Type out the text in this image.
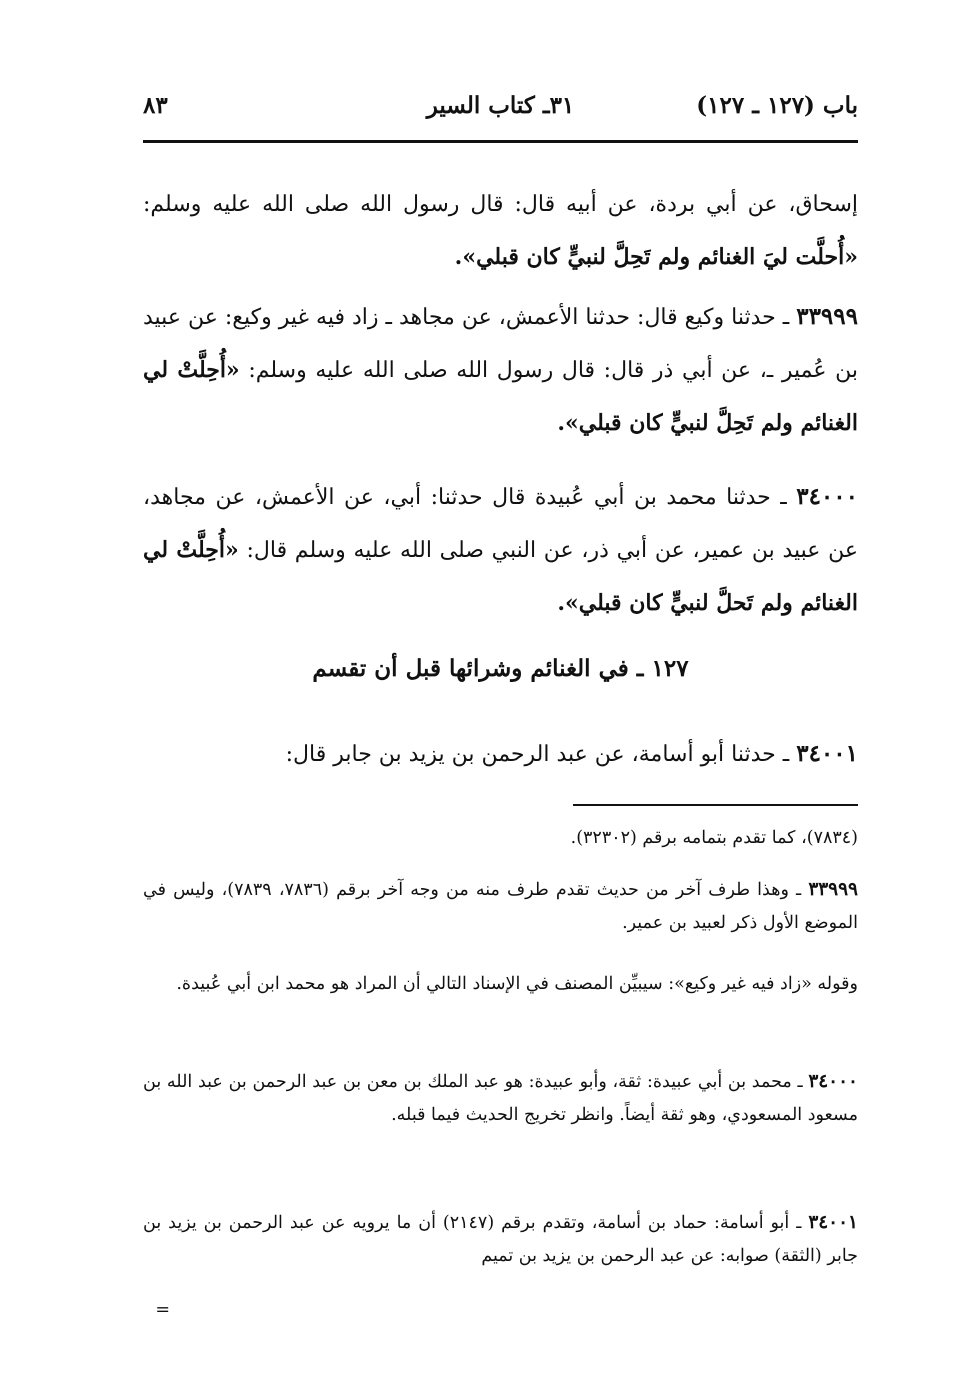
باب (١٢٧ ـ ١٢٧)
٣١ـ كتاب السير
٨٣
إسحاق، عن أبي بردة، عن أبيه قال: قال رسول الله صلى الله عليه وسلم: «أُحلَّت ليَ الغنائم ولم تَحِلَّ لنبيٍّ كان قبلي».
٣٣٩٩٩ ـ حدثنا وكيع قال: حدثنا الأعمش، عن مجاهد ـ زاد فيه غير وكيع: عن عبيد بن عُمير ـ، عن أبي ذر قال: قال رسول الله صلى الله عليه وسلم: «أُحِلَّتْ لي الغنائم ولم تَحِلَّ لنبيٍّ كان قبلي».
٣٤٠٠٠ ـ حدثنا محمد بن أبي عُبيدة قال حدثنا: أبي، عن الأعمش، عن مجاهد، عن عبيد بن عمير، عن أبي ذر، عن النبي صلى الله عليه وسلم قال: «أُحِلَّتْ لي الغنائم ولم تَحلَّ لنبيٍّ كان قبلي».
١٢٧ ـ في الغنائم وشرائها قبل أن تقسم
٣٤٠٠١ ـ حدثنا أبو أسامة، عن عبد الرحمن بن يزيد بن جابر قال:
(٧٨٣٤)، كما تقدم بتمامه برقم (٣٢٣٠٢).
٣٣٩٩٩ ـ وهذا طرف آخر من حديث تقدم طرف منه من وجه آخر برقم (٧٨٣٦، ٧٨٣٩)، وليس في الموضع الأول ذكر لعبيد بن عمير.
وقوله «زاد فيه غير وكيع»: سيبيِّن المصنف في الإسناد التالي أن المراد هو محمد ابن أبي عُبيدة.
٣٤٠٠٠ ـ محمد بن أبي عبيدة: ثقة، وأبو عبيدة: هو عبد الملك بن معن بن عبد الرحمن بن عبد الله بن مسعود المسعودي، وهو ثقة أيضاً. وانظر تخريج الحديث فيما قبله.
٣٤٠٠١ ـ أبو أسامة: حماد بن أسامة، وتقدم برقم (٢١٤٧) أن ما يرويه عن عبد الرحمن بن يزيد بن جابر (الثقة) صوابه: عن عبد الرحمن بن يزيد بن تميم
=
